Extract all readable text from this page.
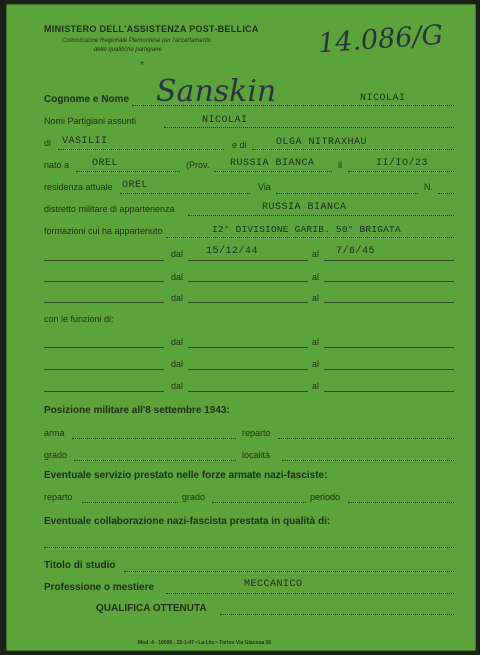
MINISTERO DELL'ASSISTENZA POST-BELLICA
Commissione Regionale Piemontese per l'accertamento
delle qualifiche partigiane
*
14.086/G
Cognome e Nome Sanskin	NICOLAI
Nomi Partigiani assunti	NICOLAI
di VASILII	e di	OLGA NITRAXHAU
nato a OREL	(Prov. RUSSIA BIANCA	il	II/IO/23
residenza attuale OREL	Via	N.
distretto militare di appartenenza	RUSSIA BIANCA
formazioni cui ha appartenuto	I2° DIVISIONE GARIB. 50° BRIGATA
dal 15/12/44	al 7/6/45
dal	al
dal	al
con le funzioni di:
dal	al
dal	al
dal	al
Posizione militare all'8 settembre 1943:
arma	reparto
grado	località
Eventuale servizio prestato nelle forze armate nazi-fasciste:
reparto	grado	periodo
Eventuale collaborazione nazi-fascista prestata in qualità di:
Titolo di studio
Professione o mestiere	MECCANICO
QUALIFICA OTTENUTA
Mod. 4 - 10000 - 22-1-47 • La Lito • Torino Via Giacosa 16
